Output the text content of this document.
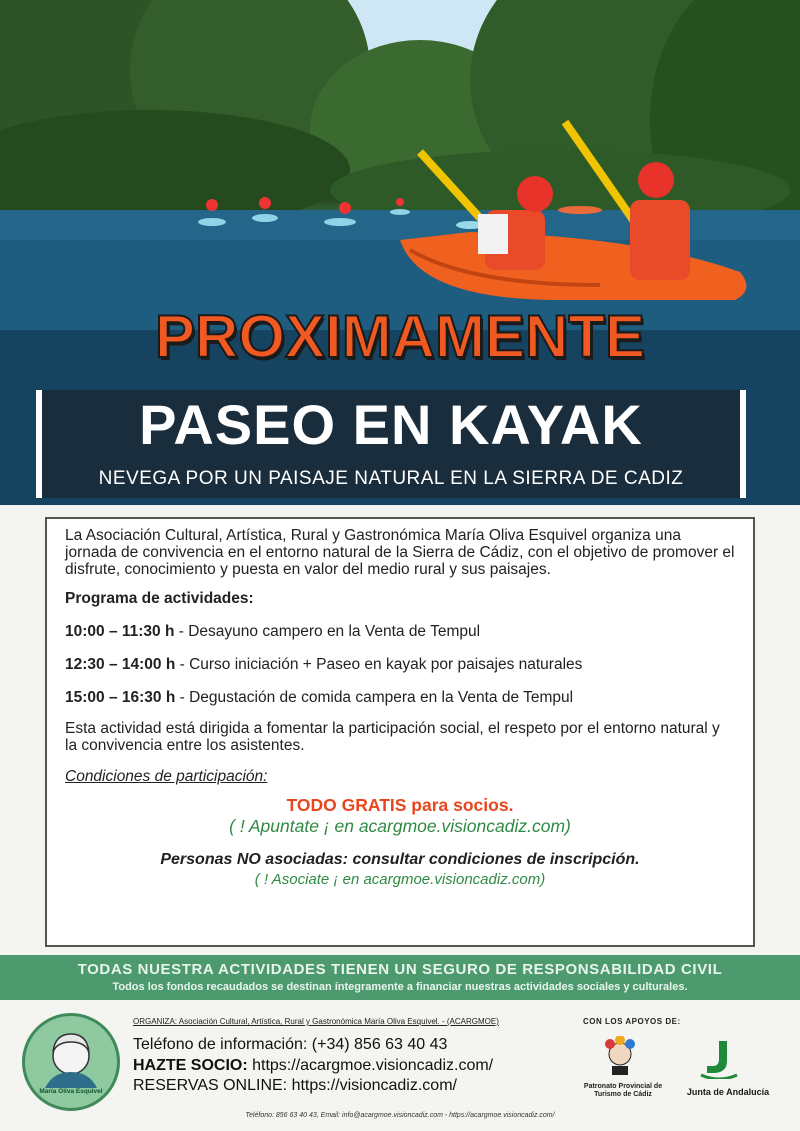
PROXIMAMENTE
PASEO EN KAYAK
NEVEGA POR UN PAISAJE NATURAL EN LA SIERRA DE CADIZ

La Asociación Cultural, Artística, Rural y Gastronómica María Oliva Esquivel organiza una jornada de convivencia en el entorno natural de la Sierra de Cádiz, con el objetivo de promover el disfrute, conocimiento y puesta en valor del medio rural y sus paisajes.

Programa de actividades:

10:00 – 11:30 h - Desayuno campero en la Venta de Tempul

12:30 – 14:00 h - Curso iniciación + Paseo en kayak por paisajes naturales

15:00 – 16:30 h - Degustación de comida campera en la Venta de Tempul

Esta actividad está dirigida a fomentar la participación social, el respeto por el entorno natural y la convivencia entre los asistentes.

Condiciones de participación:

TODO GRATIS para socios.

( ! Apuntate ¡ en acargmoe.visioncadiz.com)

Personas NO asociadas: consultar condiciones de inscripción.

( ! Asociate ¡ en acargmoe.visioncadiz.com)

TODAS NUESTRA ACTIVIDADES TIENEN UN SEGURO DE RESPONSABILIDAD CIVIL
Todos los fondos recaudados se destinan íntegramente a financiar nuestras actividades sociales y culturales.
María Oliva Esquivel
ORGANIZA: Asociación Cultural, Artística, Rural y Gastronómica María Oliva Esquivel. - (ACARGMOE)
Teléfono de información: (+34) 856 63 40 43
HAZTE SOCIO: https://acargmoe.visioncadiz.com/
RESERVAS ONLINE: https://visioncadiz.com/
CON LOS APOYOS DE:
Patronato Provincial de Turismo de Cádiz	Junta de Andalucía
Teléfono: 856 63 40 43, Email: info@acargmoe.visioncadiz.com - https://acargmoe.visioncadiz.com/
